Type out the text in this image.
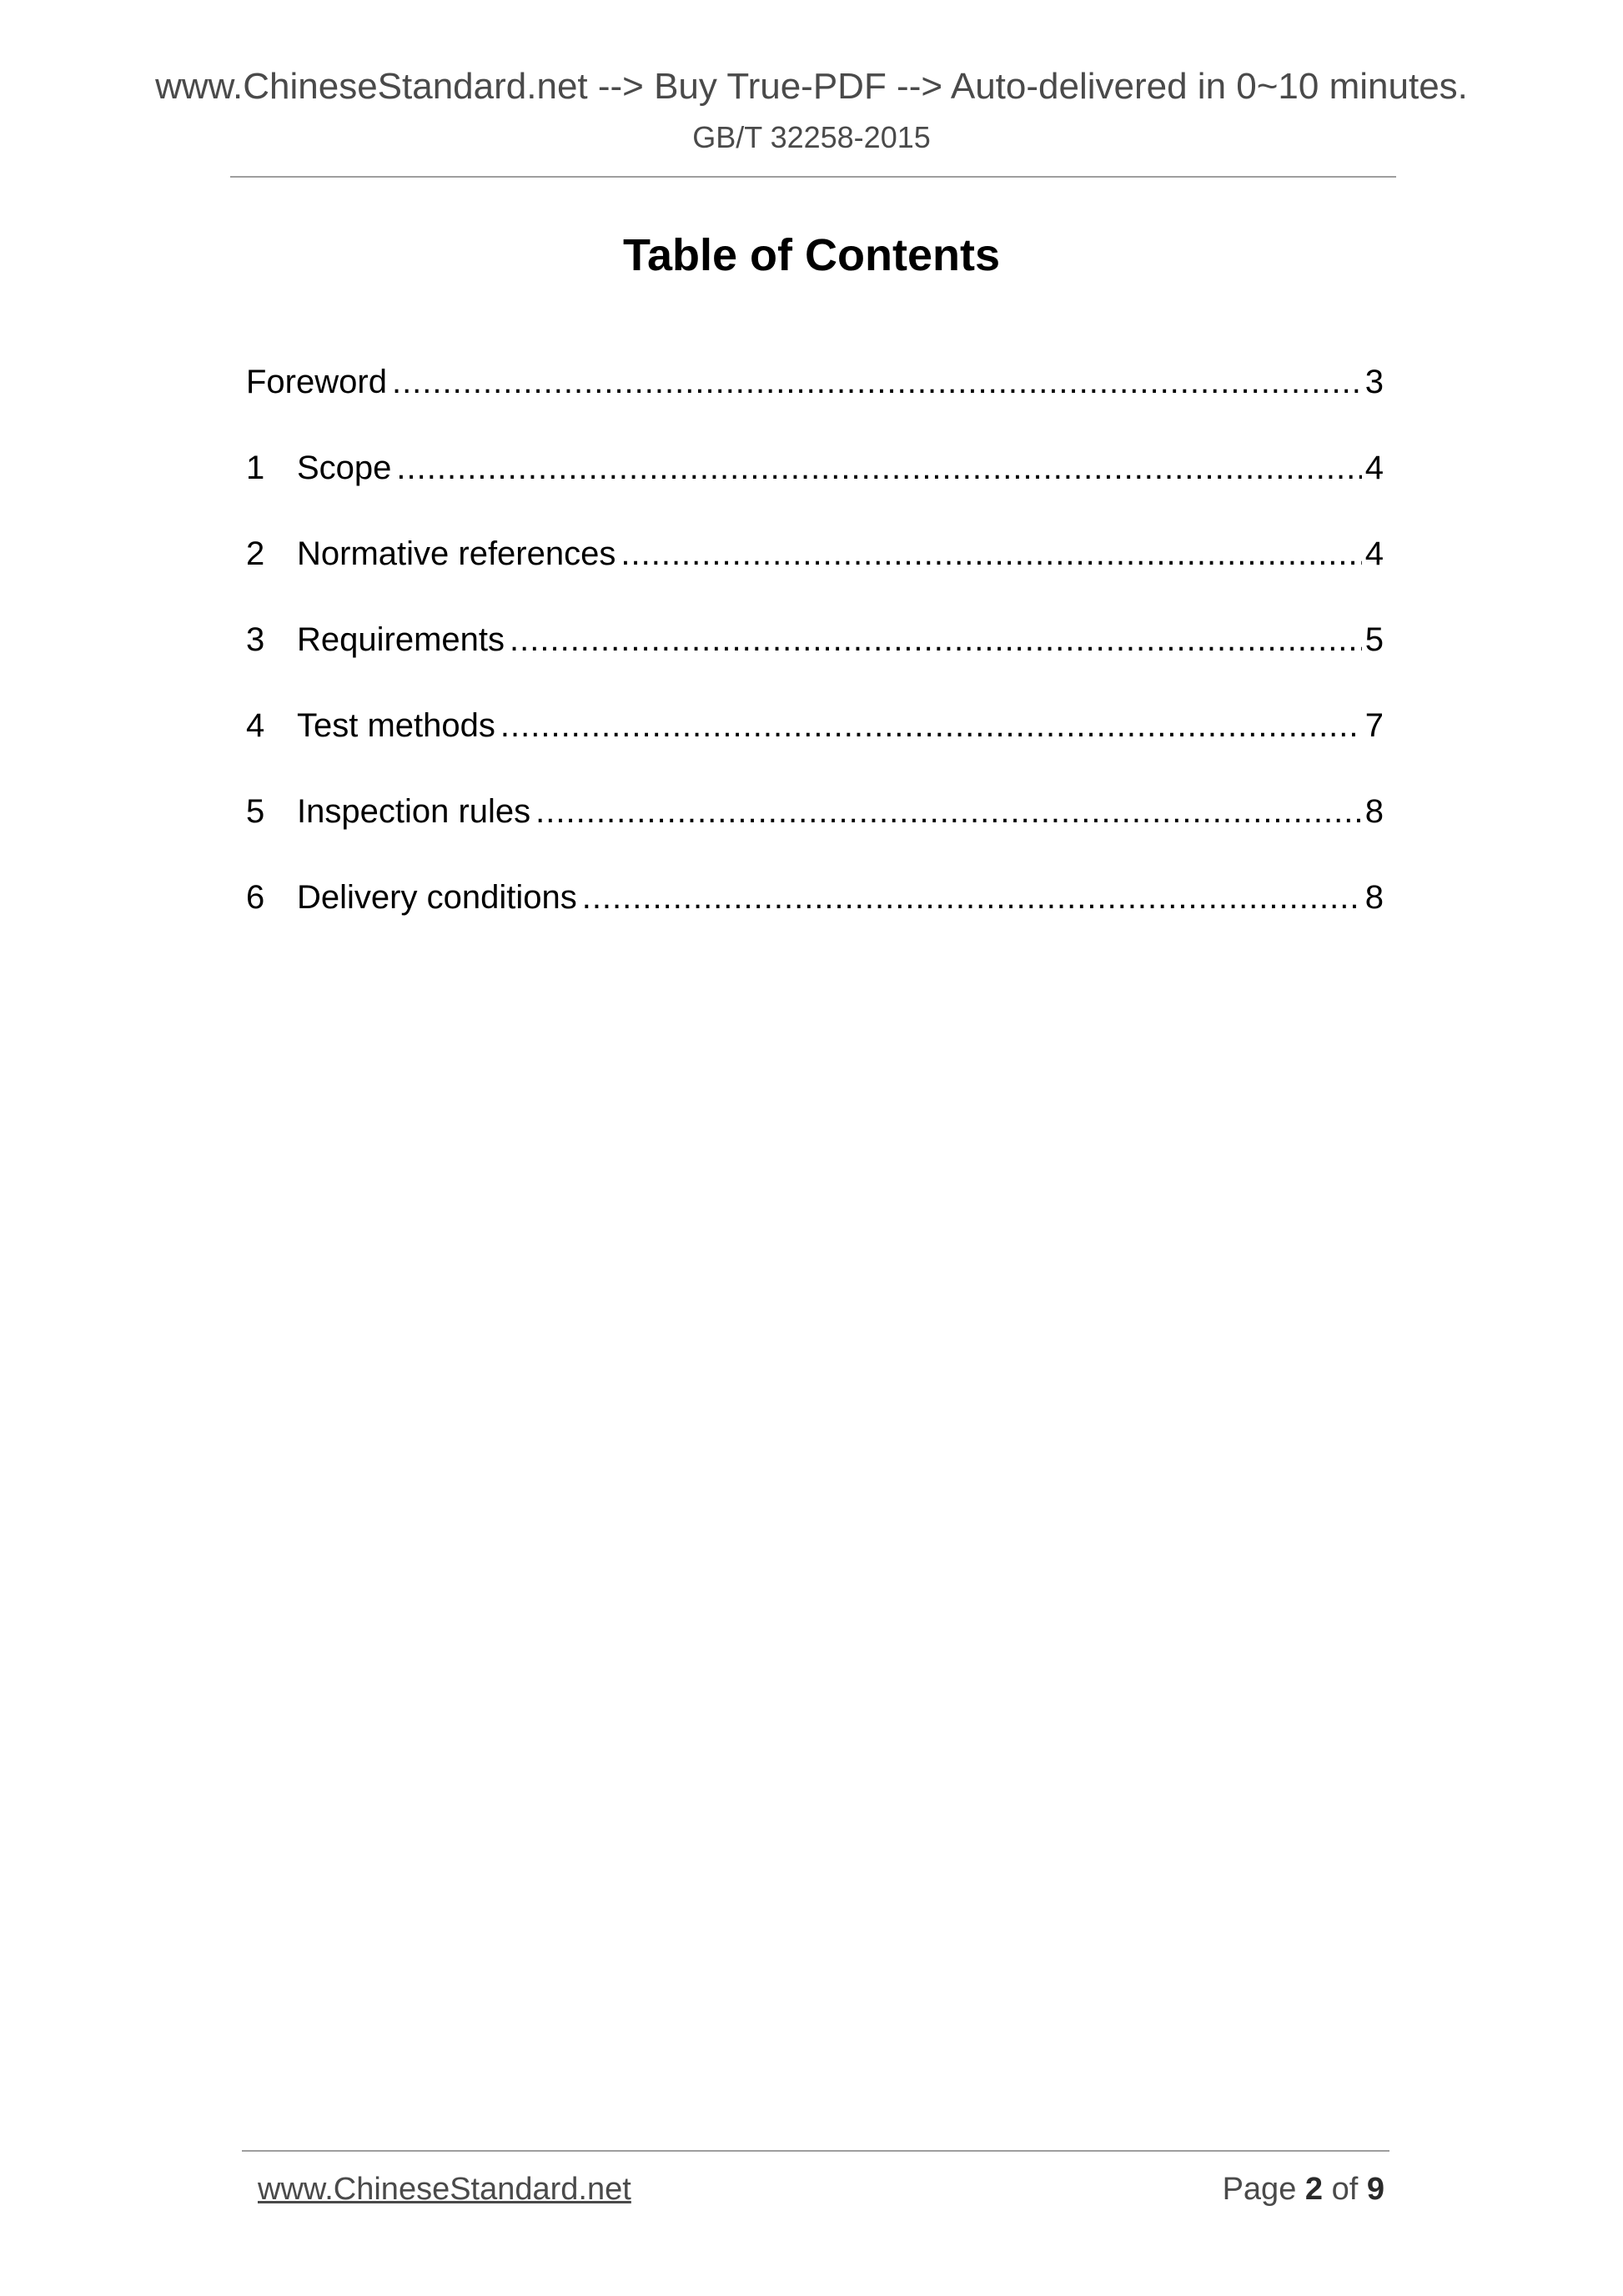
www.ChineseStandard.net --> Buy True-PDF --> Auto-delivered in 0~10 minutes.
GB/T 32258-2015
Table of Contents
Foreword .....	3
1 Scope .....	4
2 Normative references .....	4
3 Requirements .....	5
4 Test methods .....	7
5 Inspection rules .....	8
6 Delivery conditions .....	8
www.ChineseStandard.net	Page 2 of 9
